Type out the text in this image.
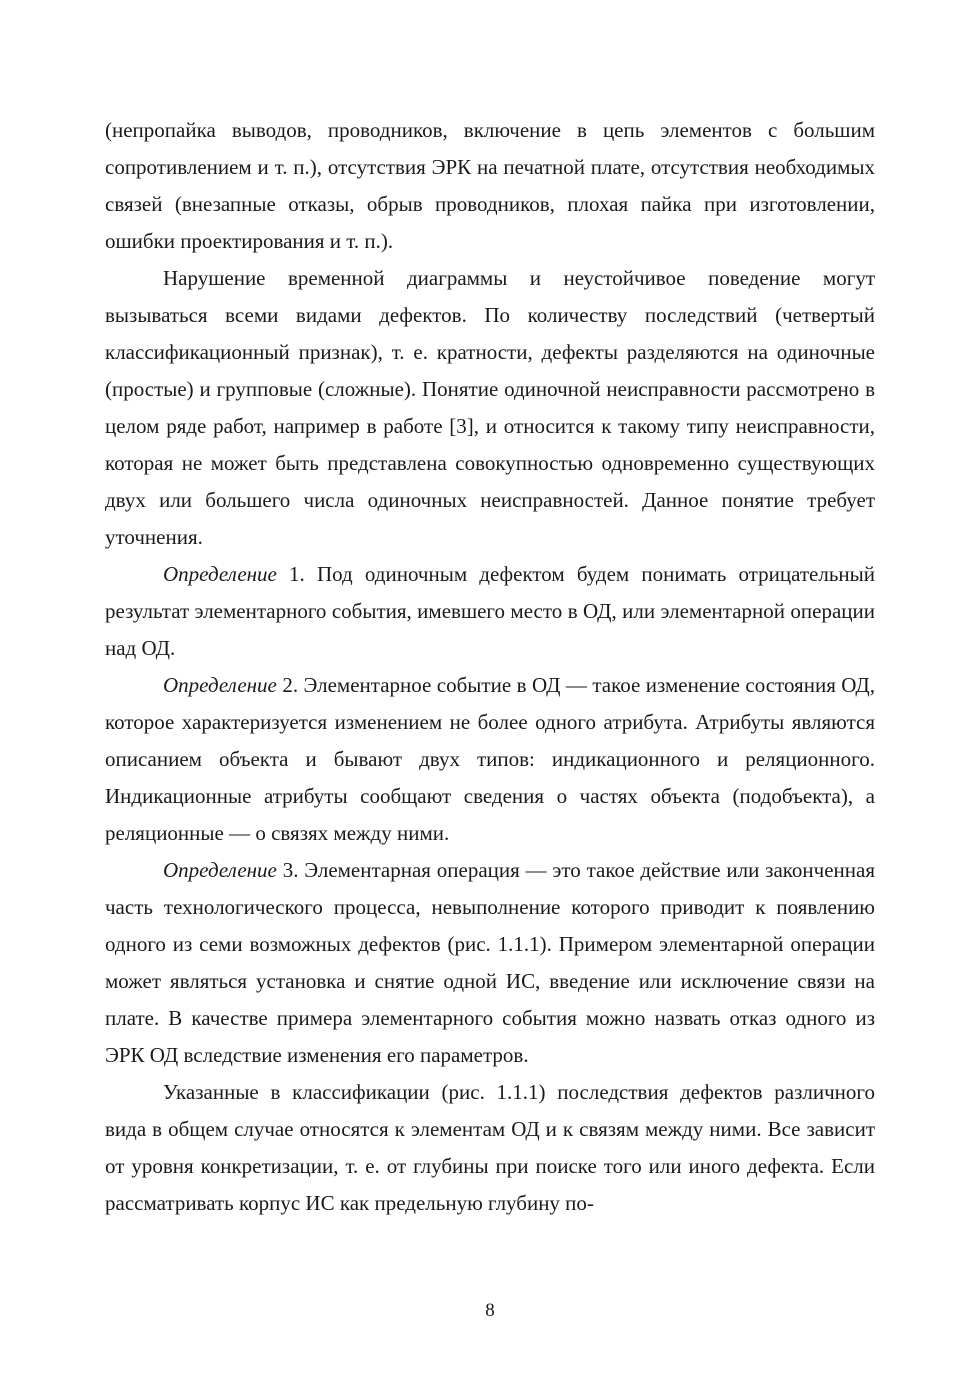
(непропайка выводов, проводников, включение в цепь элементов с большим сопротивлением и т. п.), отсутствия ЭРК на печатной плате, отсутствия необходимых связей (внезапные отказы, обрыв проводников, плохая пайка при изготовлении, ошибки проектирования и т. п.).

Нарушение временной диаграммы и неустойчивое поведение могут вызываться всеми видами дефектов. По количеству последствий (четвертый классификационный признак), т. е. кратности, дефекты разделяются на одиночные (простые) и групповые (сложные). Понятие одиночной неисправности рассмотрено в целом ряде работ, например в работе [3], и относится к такому типу неисправности, которая не может быть представлена совокупностью одновременно существующих двух или большего числа одиночных неисправностей. Данное понятие требует уточнения.

Определение 1. Под одиночным дефектом будем понимать отрицательный результат элементарного события, имевшего место в ОД, или элементарной операции над ОД.

Определение 2. Элементарное событие в ОД — такое изменение состояния ОД, которое характеризуется изменением не более одного атрибута. Атрибуты являются описанием объекта и бывают двух типов: индикационного и реляционного. Индикационные атрибуты сообщают сведения о частях объекта (подобъекта), а реляционные — о связях между ними.

Определение 3. Элементарная операция — это такое действие или законченная часть технологического процесса, невыполнение которого приводит к появлению одного из семи возможных дефектов (рис. 1.1.1). Примером элементарной операции может являться установка и снятие одной ИС, введение или исключение связи на плате. В качестве примера элементарного события можно назвать отказ одного из ЭРК ОД вследствие изменения его параметров.

Указанные в классификации (рис. 1.1.1) последствия дефектов различного вида в общем случае относятся к элементам ОД и к связям между ними. Все зависит от уровня конкретизации, т. е. от глубины при поиске того или иного дефекта. Если рассматривать корпус ИС как предельную глубину по-

8
